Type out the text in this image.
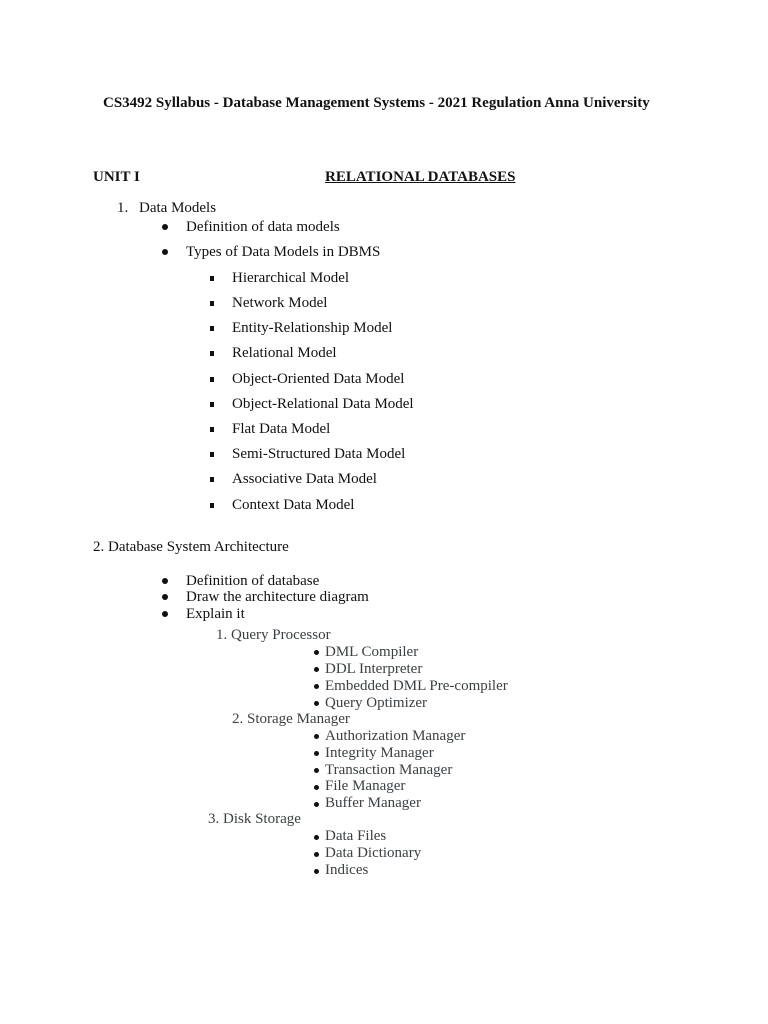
CS3492 Syllabus - Database Management Systems - 2021 Regulation Anna University
UNIT I	RELATIONAL DATABASES
1. Data Models
Definition of data models
Types of Data Models in DBMS
Hierarchical Model
Network Model
Entity-Relationship Model
Relational Model
Object-Oriented Data Model
Object-Relational Data Model
Flat Data Model
Semi-Structured Data Model
Associative Data Model
Context Data Model
2. Database System Architecture
Definition of database
Draw the architecture diagram
Explain it
1. Query Processor
DML Compiler
DDL Interpreter
Embedded DML Pre-compiler
Query Optimizer
2. Storage Manager
Authorization Manager
Integrity Manager
Transaction Manager
File Manager
Buffer Manager
3. Disk Storage
Data Files
Data Dictionary
Indices
